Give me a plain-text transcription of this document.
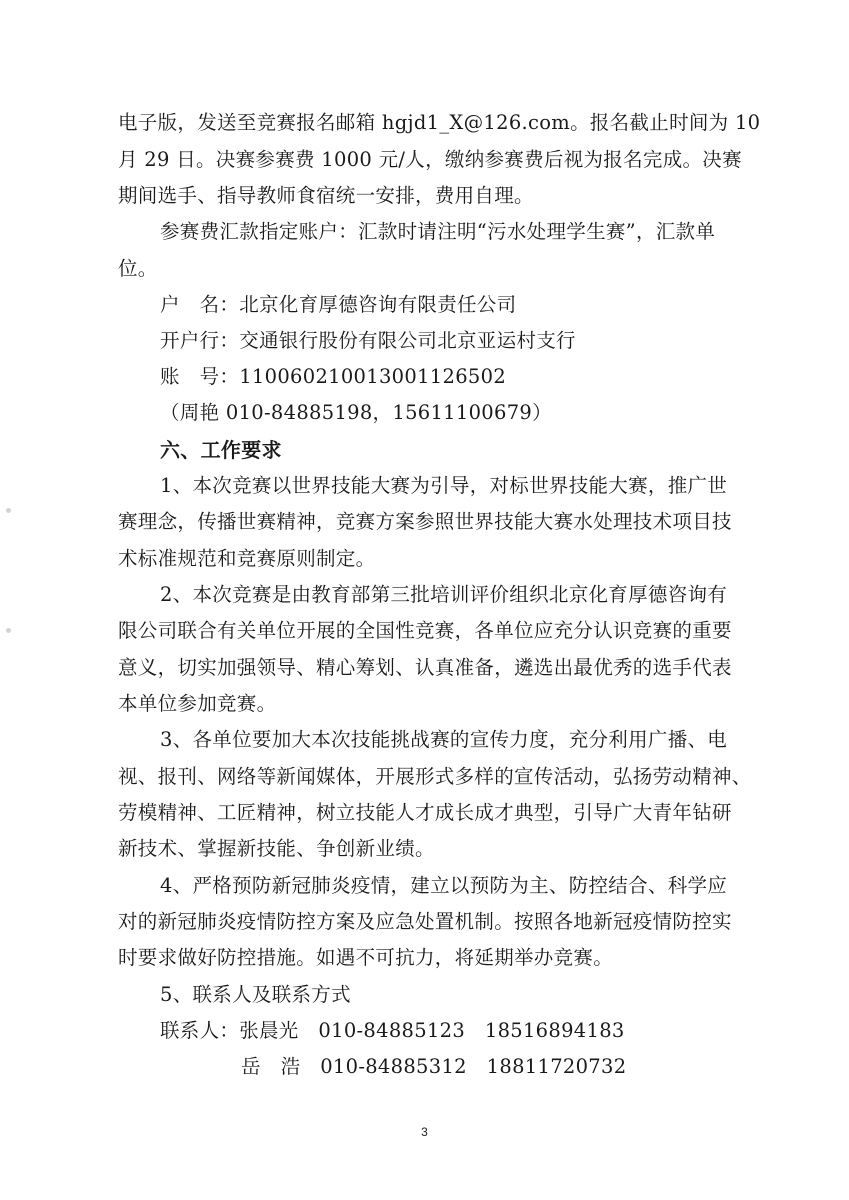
电子版，发送至竞赛报名邮箱 hgjd1_X@126.com。报名截止时间为 10
月 29 日。决赛参赛费 1000 元/人，缴纳参赛费后视为报名完成。决赛
期间选手、指导教师食宿统一安排，费用自理。
参赛费汇款指定账户：汇款时请注明“污水处理学生赛”，汇款单
位。
户　名：北京化育厚德咨询有限责任公司
开户行：交通银行股份有限公司北京亚运村支行
账　号：110060210013001126502
（周艳 010-84885198，15611100679）
六、工作要求
1、本次竞赛以世界技能大赛为引导，对标世界技能大赛，推广世
赛理念，传播世赛精神，竞赛方案参照世界技能大赛水处理技术项目技
术标准规范和竞赛原则制定。
2、本次竞赛是由教育部第三批培训评价组织北京化育厚德咨询有
限公司联合有关单位开展的全国性竞赛，各单位应充分认识竞赛的重要
意义，切实加强领导、精心筹划、认真准备，遴选出最优秀的选手代表
本单位参加竞赛。
3、各单位要加大本次技能挑战赛的宣传力度，充分利用广播、电
视、报刊、网络等新闻媒体，开展形式多样的宣传活动，弘扬劳动精神、
劳模精神、工匠精神，树立技能人才成长成才典型，引导广大青年钻研
新技术、掌握新技能、争创新业绩。
4、严格预防新冠肺炎疫情，建立以预防为主、防控结合、科学应
对的新冠肺炎疫情防控方案及应急处置机制。按照各地新冠疫情防控实
时要求做好防控措施。如遇不可抗力，将延期举办竞赛。
5、联系人及联系方式
联系人：张晨光　010-84885123　18516894183
岳　浩　010-84885312　18811720732
3
